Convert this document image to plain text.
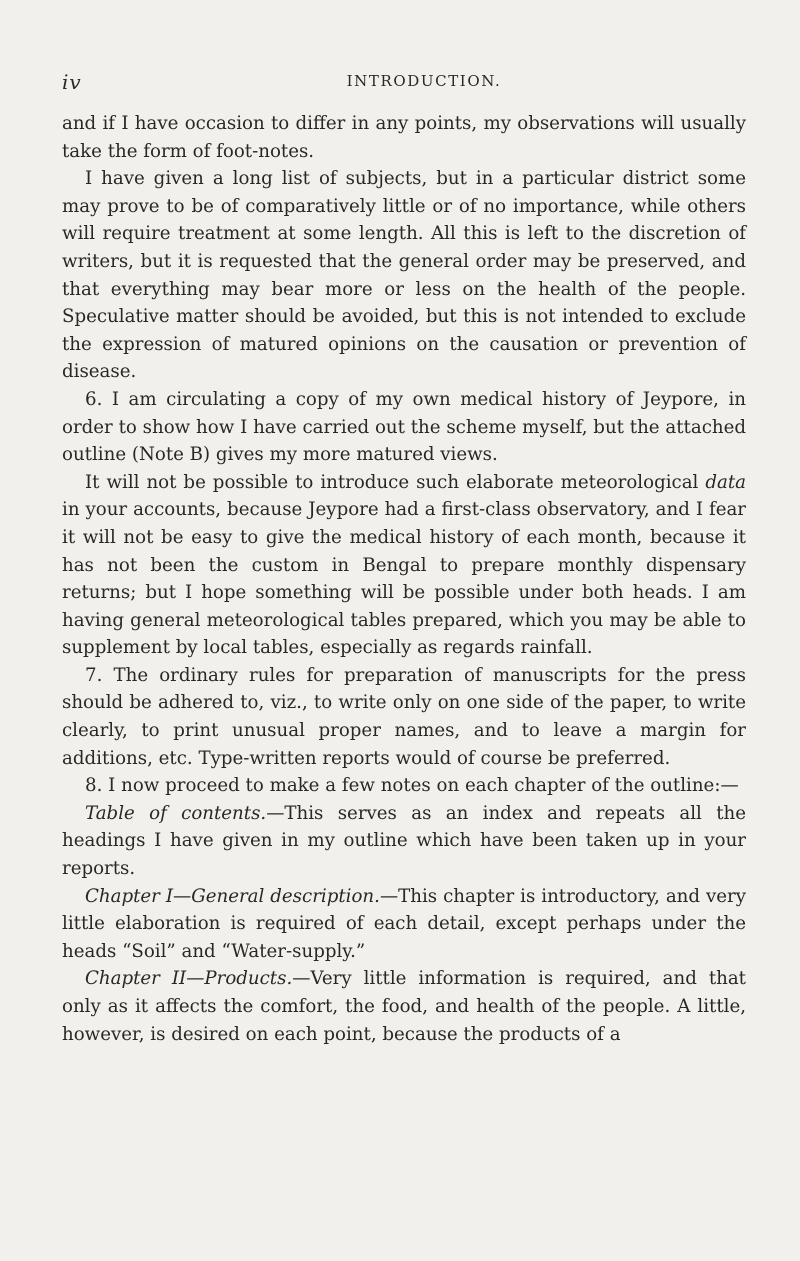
iv	INTRODUCTION.

and if I have occasion to differ in any points, my observations will usually take the form of foot-notes.

I have given a long list of subjects, but in a particular district some may prove to be of comparatively little or of no importance, while others will require treatment at some length. All this is left to the discretion of writers, but it is requested that the general order may be preserved, and that everything may bear more or less on the health of the people. Speculative matter should be avoided, but this is not intended to exclude the expression of matured opinions on the causation or prevention of disease.

6. I am circulating a copy of my own medical history of Jeypore, in order to show how I have carried out the scheme myself, but the attached outline (Note B) gives my more matured views.

It will not be possible to introduce such elaborate meteorological data in your accounts, because Jeypore had a first-class observatory, and I fear it will not be easy to give the medical history of each month, because it has not been the custom in Bengal to prepare monthly dispensary returns; but I hope something will be possible under both heads. I am having general meteorological tables prepared, which you may be able to supplement by local tables, especially as regards rainfall.

7. The ordinary rules for preparation of manuscripts for the press should be adhered to, viz., to write only on one side of the paper, to write clearly, to print unusual proper names, and to leave a margin for additions, etc. Type-written reports would of course be preferred.

8. I now proceed to make a few notes on each chapter of the outline:—

Table of contents.—This serves as an index and repeats all the headings I have given in my outline which have been taken up in your reports.

Chapter I—General description.—This chapter is introductory, and very little elaboration is required of each detail, except perhaps under the heads “Soil” and “Water-supply.”

Chapter II—Products.—Very little information is required, and that only as it affects the comfort, the food, and health of the people. A little, however, is desired on each point, because the products of a
